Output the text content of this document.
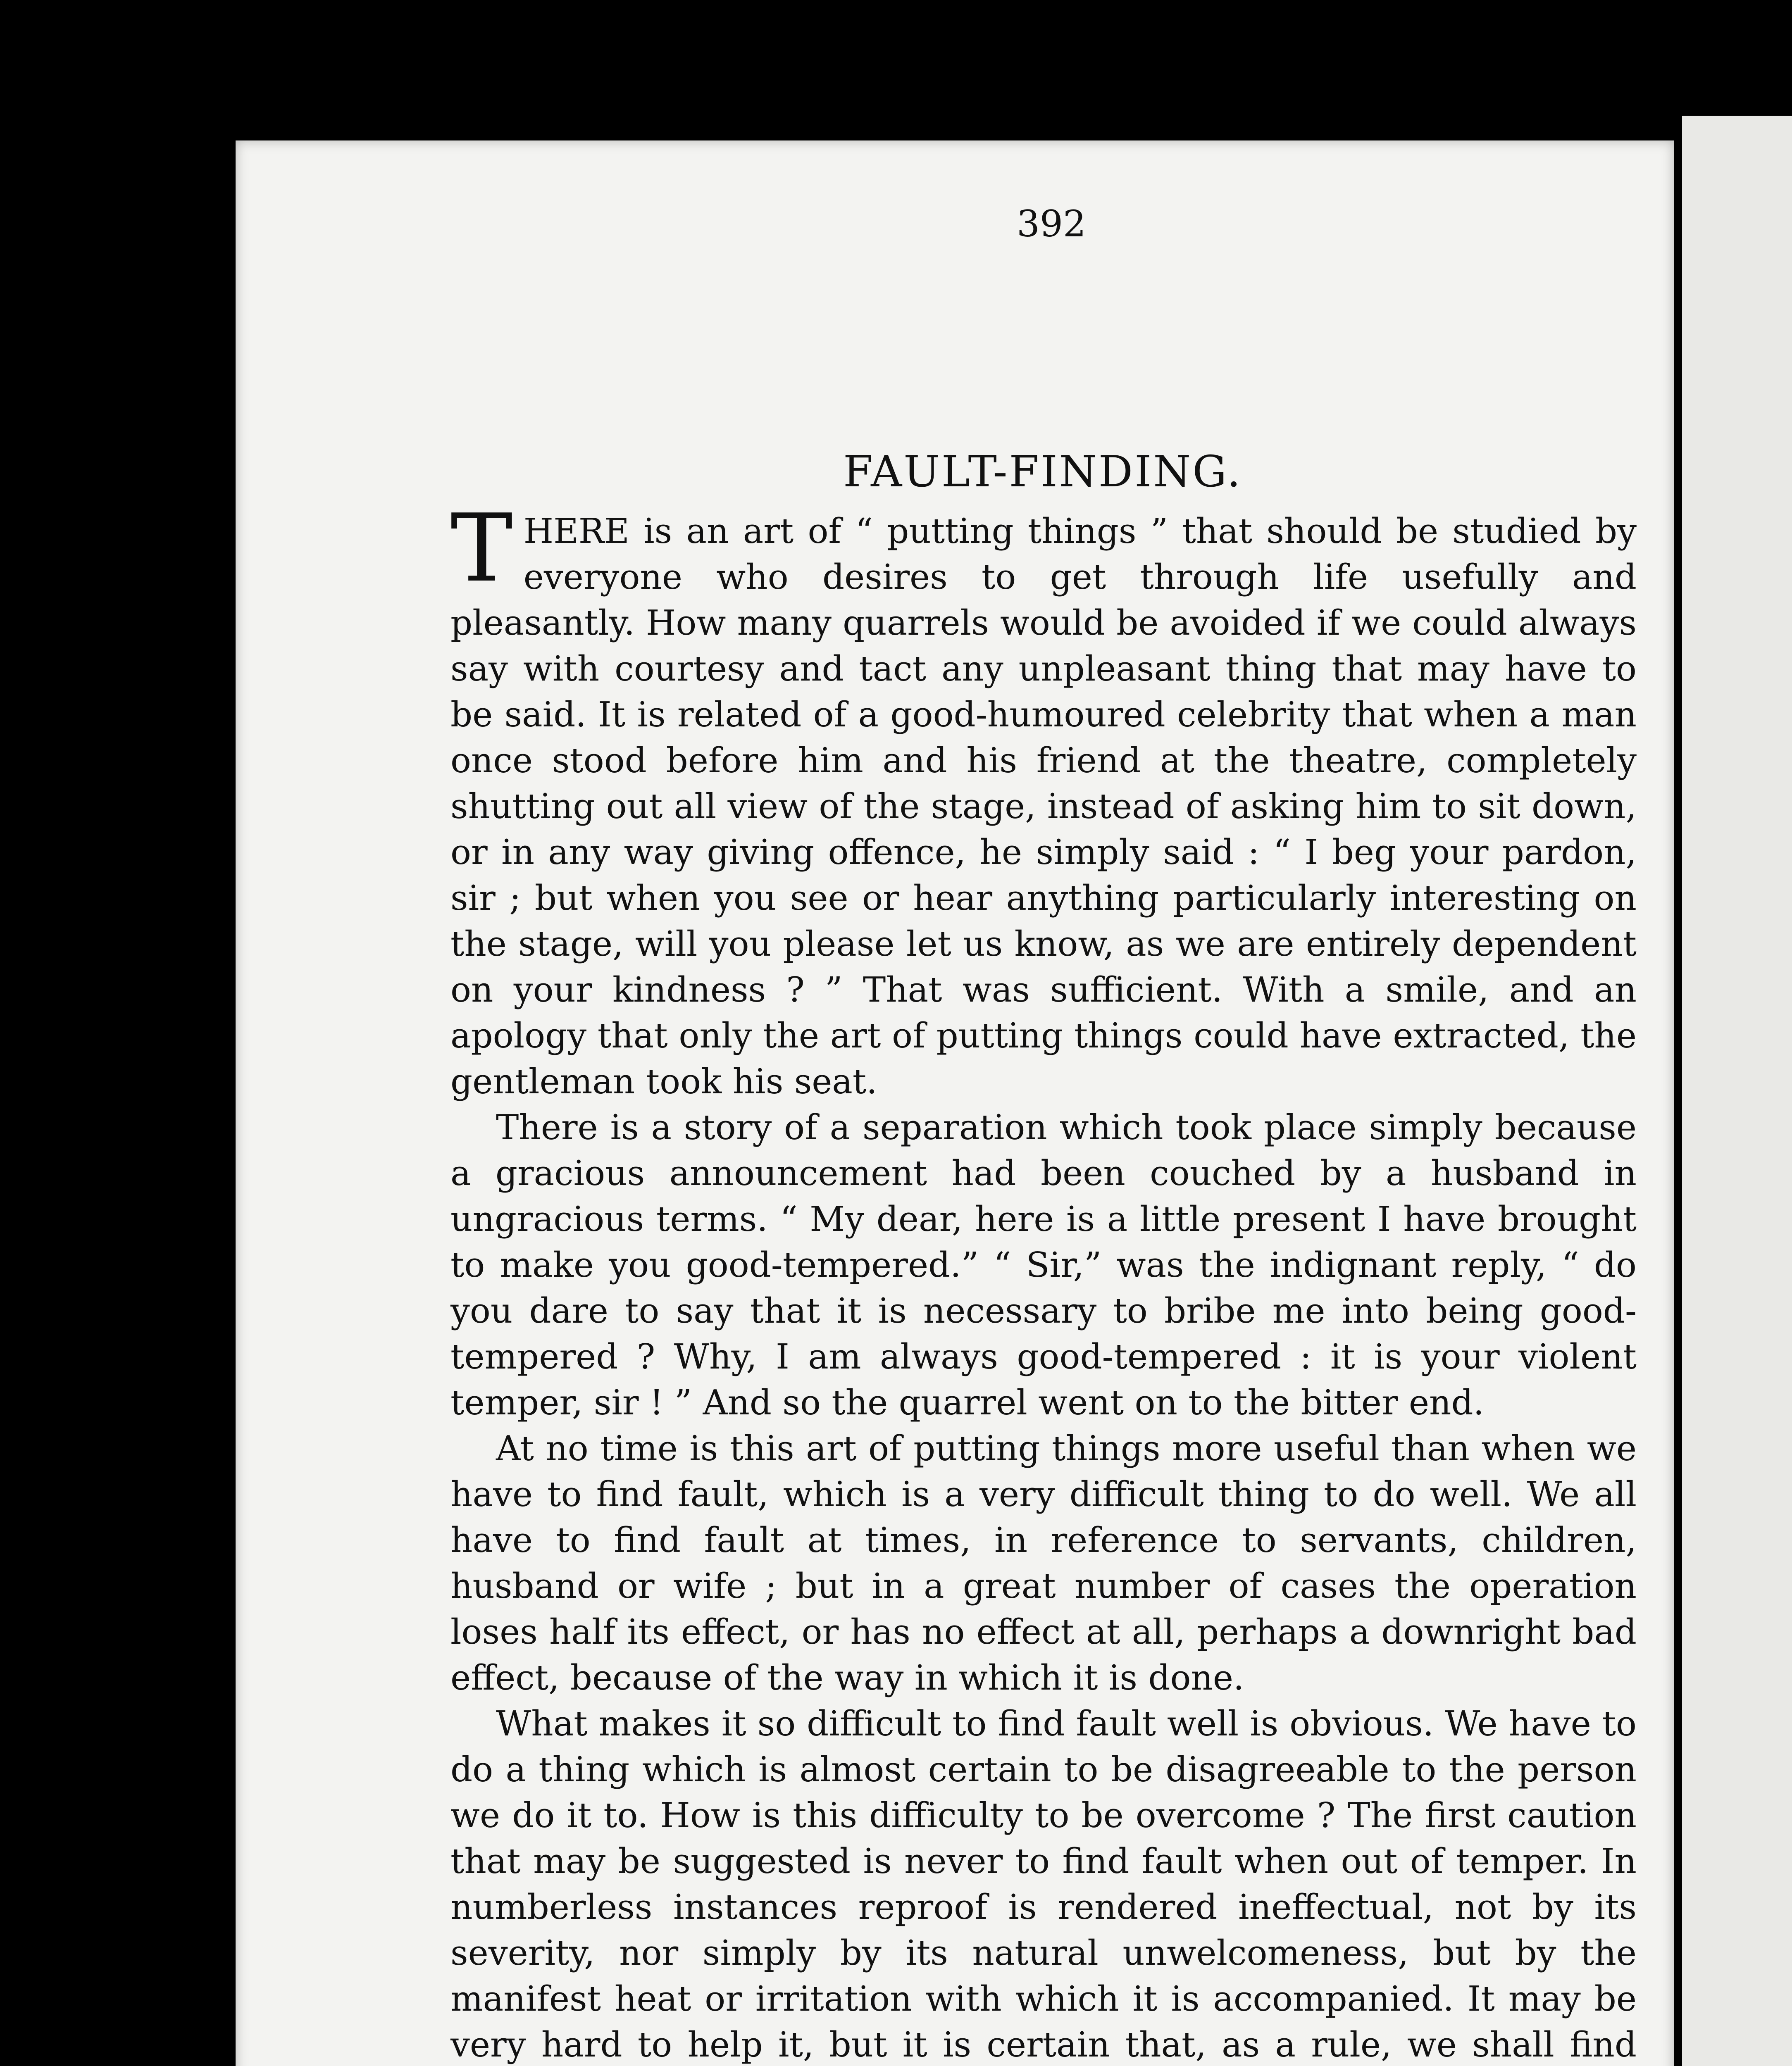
392
FAULT-FINDING.

THERE is an art of “ putting things ” that should be studied by everyone who desires to get through life usefully and pleasantly. How many quarrels would be avoided if we could always say with courtesy and tact any unpleasant thing that may have to be said. It is related of a good-humoured celebrity that when a man once stood before him and his friend at the theatre, completely shutting out all view of the stage, instead of asking him to sit down, or in any way giving offence, he simply said : “ I beg your pardon, sir ; but when you see or hear anything particularly interesting on the stage, will you please let us know, as we are entirely dependent on your kindness ? ” That was sufficient. With a smile, and an apology that only the art of putting things could have extracted, the gentleman took his seat.

There is a story of a separation which took place simply because a gracious announcement had been couched by a husband in ungracious terms. “ My dear, here is a little present I have brought to make you good-tempered.” “ Sir,” was the indignant reply, “ do you dare to say that it is necessary to bribe me into being good-tempered ? Why, I am always good-tempered : it is your violent temper, sir ! ” And so the quarrel went on to the bitter end.

At no time is this art of putting things more useful than when we have to find fault, which is a very difficult thing to do well. We all have to find fault at times, in reference to servants, children, husband or wife ; but in a great number of cases the operation loses half its effect, or has no effect at all, perhaps a downright bad effect, because of the way in which it is done.

What makes it so difficult to find fault well is obvious. We have to do a thing which is almost certain to be disagreeable to the person we do it to. How is this difficulty to be overcome ? The first caution that may be suggested is never to find fault when out of temper. In numberless instances reproof is rendered ineffectual, not by its severity, nor simply by its natural unwelcomeness, but by the manifest heat or irritation with which it is accompanied. It may be very hard to help it, but it is certain that, as a rule, we shall find
